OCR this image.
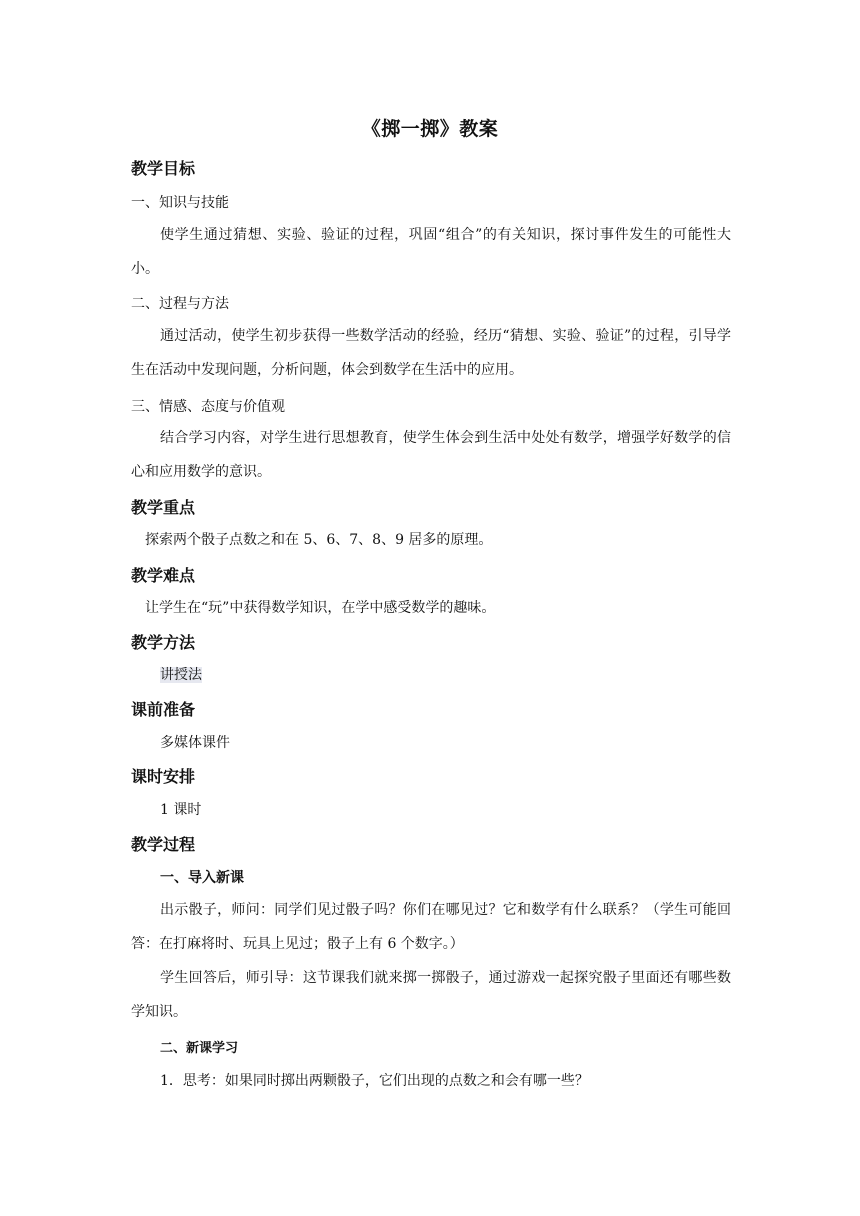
《掷一掷》教案
教学目标
一、知识与技能
使学生通过猜想、实验、验证的过程，巩固“组合”的有关知识，探讨事件发生的可能性大小。
二、过程与方法
通过活动，使学生初步获得一些数学活动的经验，经历“猜想、实验、验证”的过程，引导学生在活动中发现问题，分析问题，体会到数学在生活中的应用。
三、情感、态度与价值观
结合学习内容，对学生进行思想教育，使学生体会到生活中处处有数学，增强学好数学的信心和应用数学的意识。
教学重点
探索两个骰子点数之和在 5、6、7、8、9 居多的原理。
教学难点
让学生在“玩”中获得数学知识，在学中感受数学的趣味。
教学方法
讲授法
课前准备
多媒体课件
课时安排
1 课时
教学过程
一、导入新课
出示骰子，师问：同学们见过骰子吗？你们在哪见过？它和数学有什么联系？（学生可能回答：在打麻将时、玩具上见过；骰子上有 6 个数字。）
学生回答后，师引导：这节课我们就来掷一掷骰子，通过游戏一起探究骰子里面还有哪些数学知识。
二、新课学习
1．思考：如果同时掷出两颗骰子，它们出现的点数之和会有哪一些？
